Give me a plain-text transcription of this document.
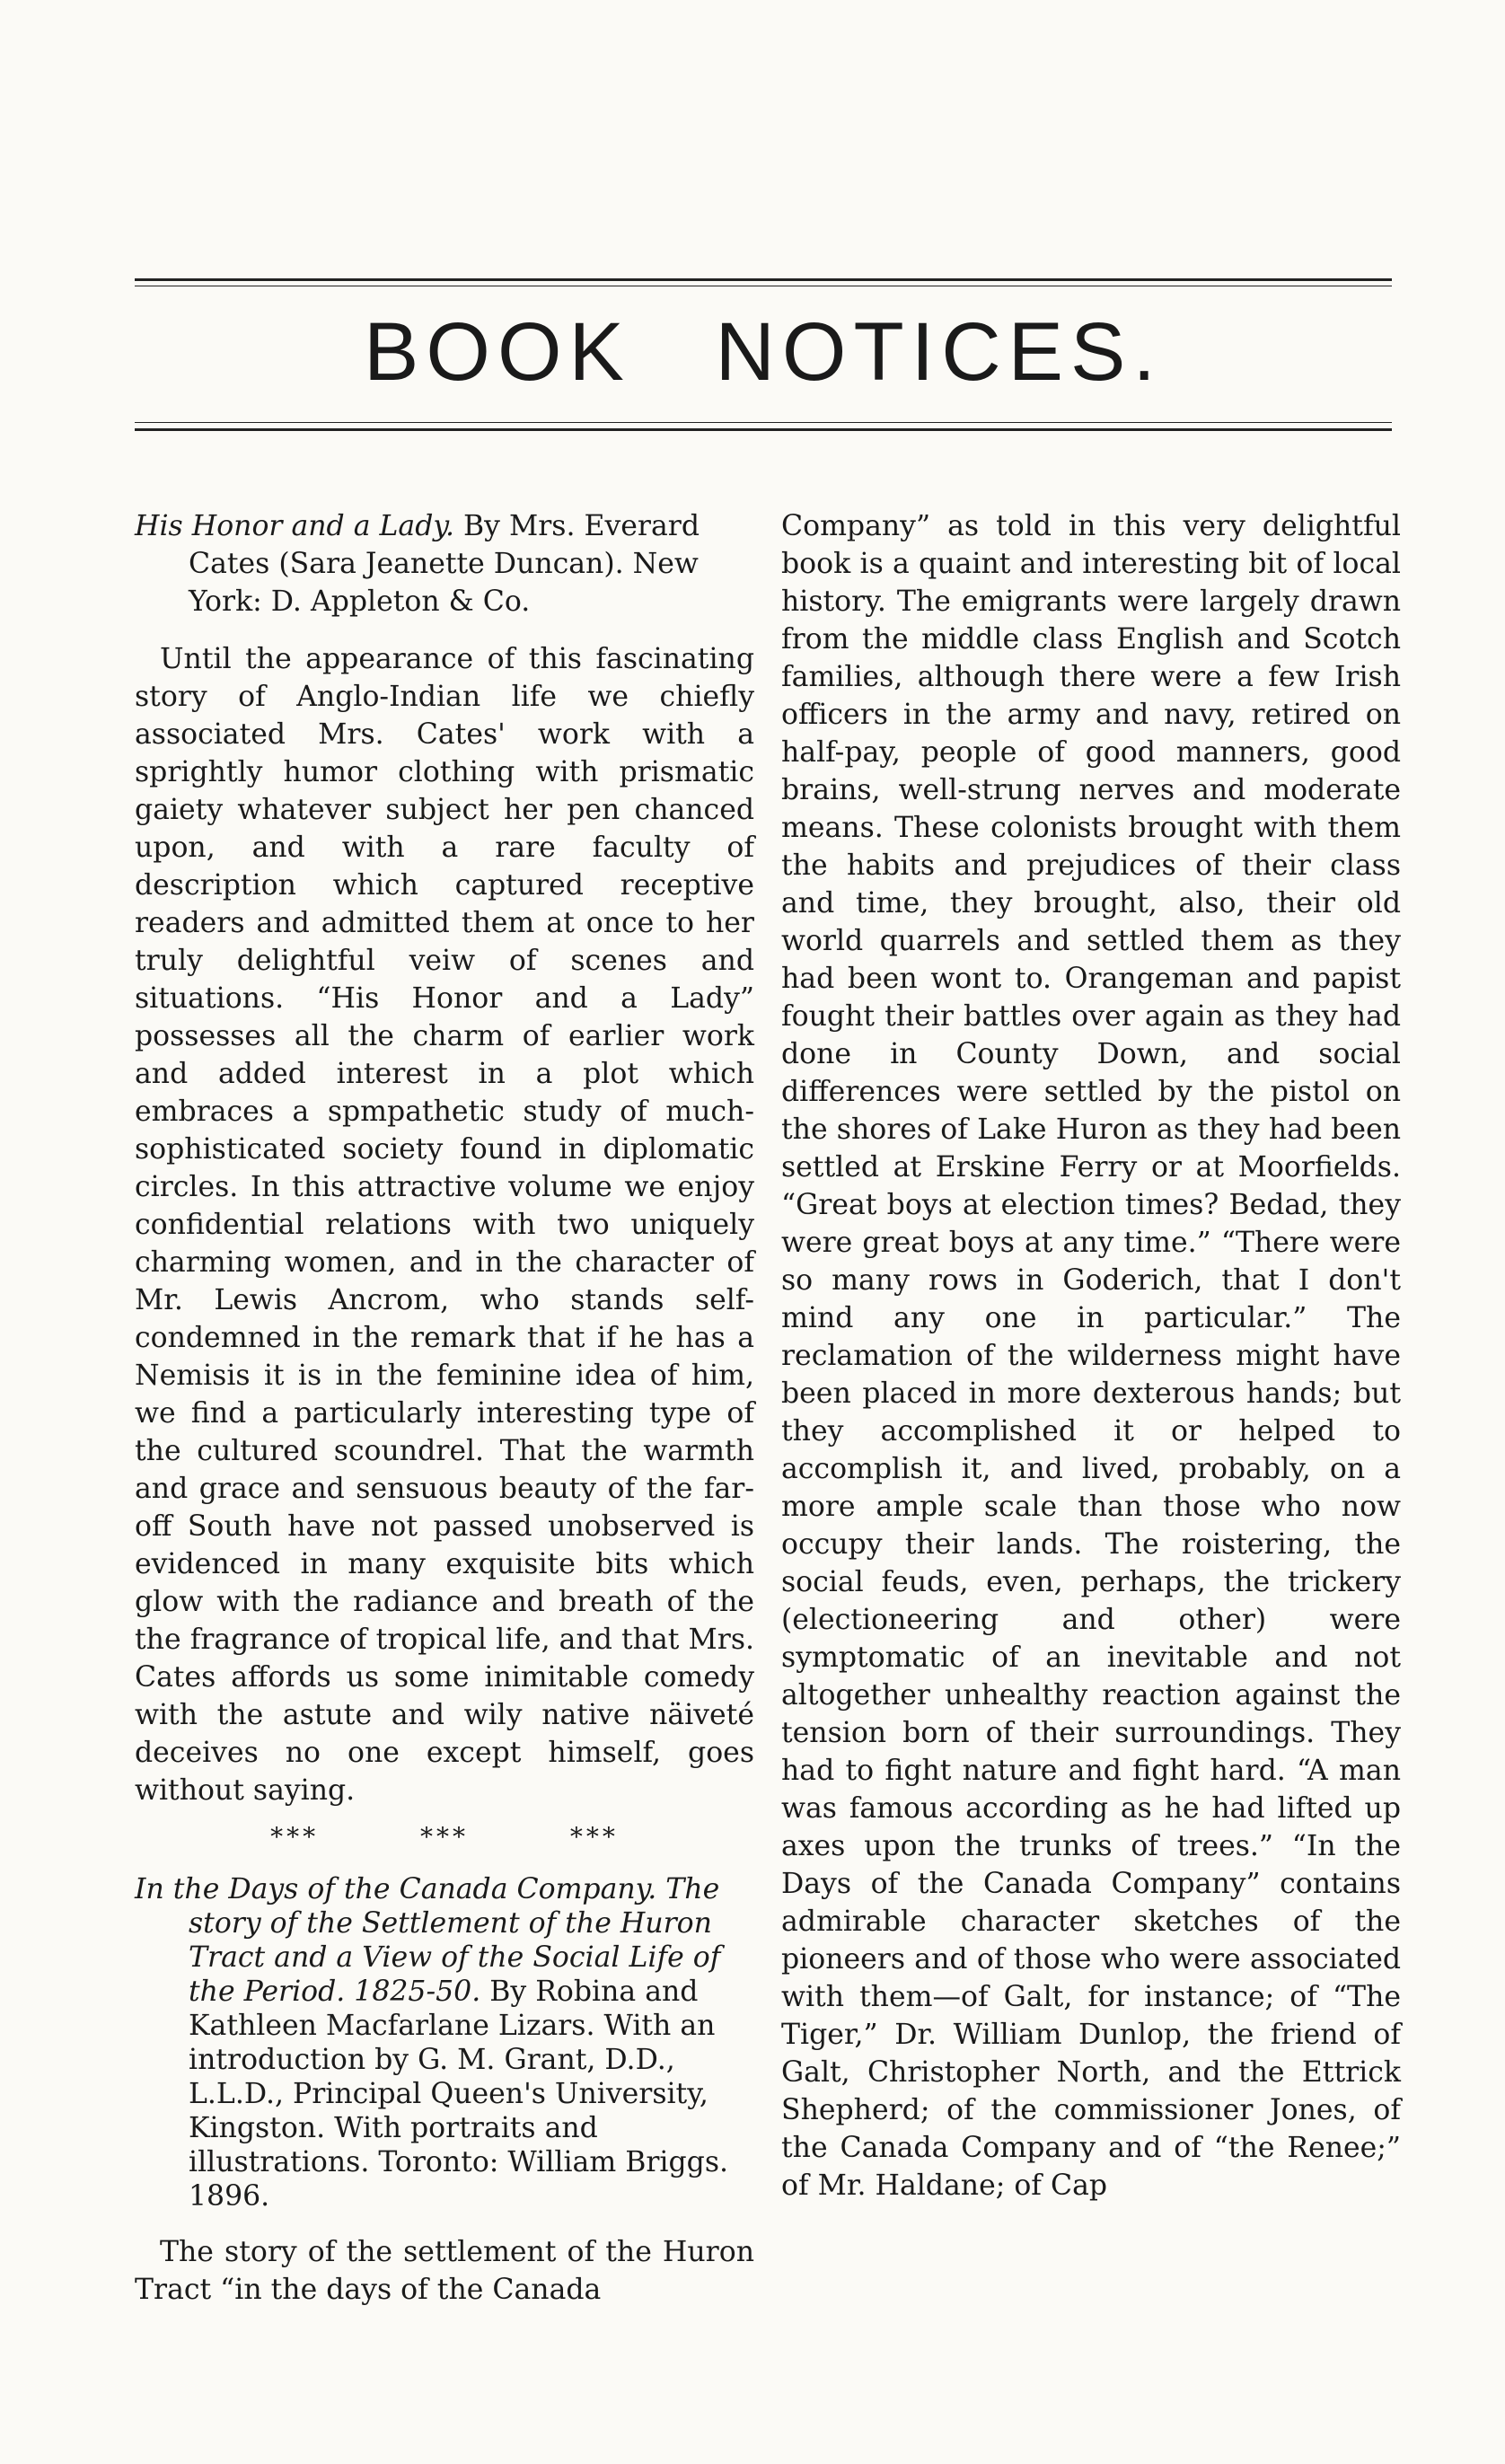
BOOK NOTICES.

His Honor and a Lady. By Mrs. Everard Cates (Sara Jeanette Duncan). New York: D. Appleton & Co.

Until the appearance of this fascinating story of Anglo-Indian life we chiefly associated Mrs. Cates' work with a sprightly humor clothing with prismatic gaiety whatever subject her pen chanced upon, and with a rare faculty of description which captured receptive readers and admitted them at once to her truly delightful veiw of scenes and situations. “His Honor and a Lady” possesses all the charm of earlier work and added interest in a plot which embraces a spmpathetic study of much-sophisticated society found in diplomatic circles. In this attractive volume we enjoy confidential relations with two uniquely charming women, and in the character of Mr. Lewis Ancrom, who stands self-condemned in the remark that if he has a Nemisis it is in the feminine idea of him, we find a particularly interesting type of the cultured scoundrel. That the warmth and grace and sensuous beauty of the far-off South have not passed unobserved is evidenced in many exquisite bits which glow with the radiance and breath of the the fragrance of tropical life, and that Mrs. Cates affords us some inimitable comedy with the astute and wily native näiveté deceives no one except himself, goes without saying.

*** *** ***

In the Days of the Canada Company. The story of the Settlement of the Huron Tract and a View of the Social Life of the Period. 1825-50. By Robina and Kathleen Macfarlane Lizars. With an introduction by G. M. Grant, D.D., L.L.D., Principal Queen's University, Kingston. With portraits and illustrations. Toronto: William Briggs. 1896.

The story of the settlement of the Huron Tract “in the days of the Canada

Company” as told in this very delightful book is a quaint and interesting bit of local history. The emigrants were largely drawn from the middle class English and Scotch families, although there were a few Irish officers in the army and navy, retired on half-pay, people of good manners, good brains, well-strung nerves and moderate means. These colonists brought with them the habits and prejudices of their class and time, they brought, also, their old world quarrels and settled them as they had been wont to. Orangeman and papist fought their battles over again as they had done in County Down, and social differences were settled by the pistol on the shores of Lake Huron as they had been settled at Erskine Ferry or at Moorfields. “Great boys at election times? Bedad, they were great boys at any time.” “There were so many rows in Goderich, that I don't mind any one in particular.” The reclamation of the wilderness might have been placed in more dexterous hands; but they accomplished it or helped to accomplish it, and lived, probably, on a more ample scale than those who now occupy their lands. The roistering, the social feuds, even, perhaps, the trickery (electioneering and other) were symptomatic of an inevitable and not altogether unhealthy reaction against the tension born of their surroundings. They had to fight nature and fight hard. “A man was famous according as he had lifted up axes upon the trunks of trees.” “In the Days of the Canada Company” contains admirable character sketches of the pioneers and of those who were associated with them—of Galt, for instance; of “The Tiger,” Dr. William Dunlop, the friend of Galt, Christopher North, and the Ettrick Shepherd; of the commissioner Jones, of the Canada Company and of “the Renee;” of Mr. Haldane; of Cap
